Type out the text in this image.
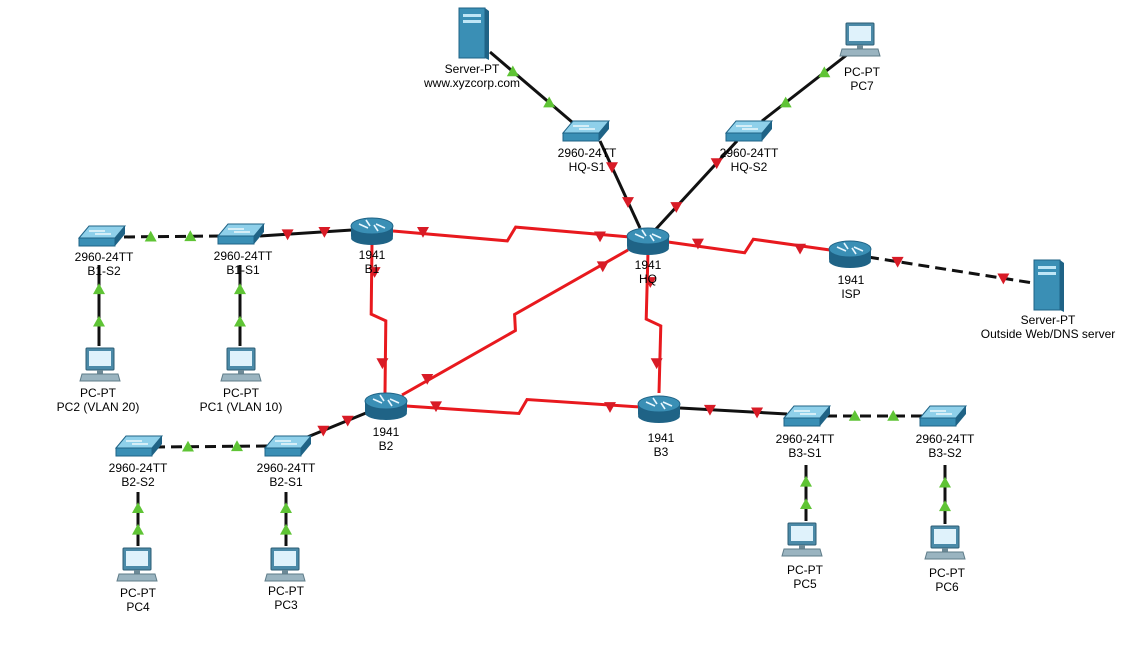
Server-PT
www.xyzcorp.com
PC-PT
PC7
2960-24TT
HQ-S1
2960-24TT
HQ-S2
1941
HQ	1941
ISP
Server-PT
Outside Web/DNS server
1941
B1
2960-24TT
B1-S1
2960-24TT
B1-S2
PC-PT
PC1 (VLAN 10)
PC-PT
PC2 (VLAN 20)
1941
B2
2960-24TT
B2-S1
2960-24TT
B2-S2
PC-PT
PC3
PC-PT
PC4
1941
B3
2960-24TT
B3-S1
2960-24TT
B3-S2
PC-PT
PC5
PC-PT
PC6
